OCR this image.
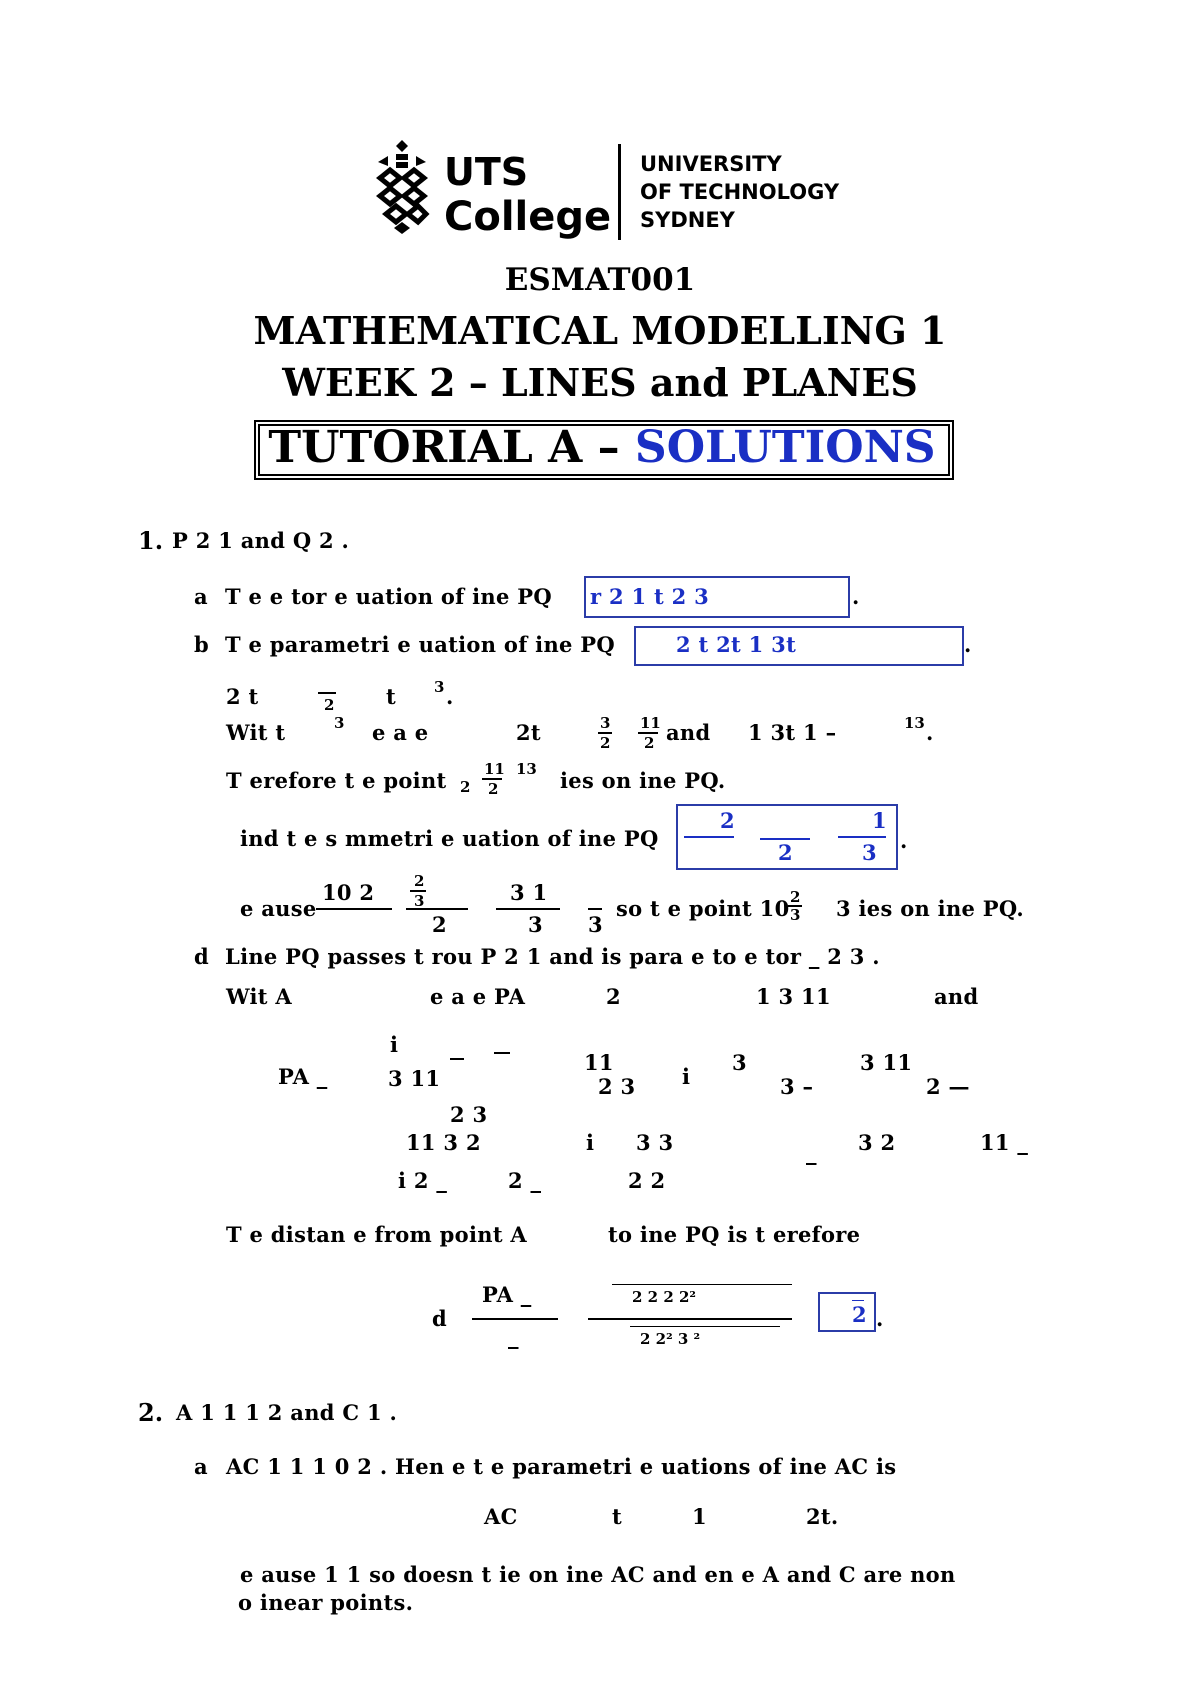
UTS
College
UNIVERSITY
OF TECHNOLOGY
SYDNEY
ESMAT001
MATHEMATICAL MODELLING 1
WEEK 2 – LINES and PLANES
TUTORIAL A – SOLUTIONS
1. P 2 1 and Q 2 .
a T e e tor e uation of ine PQ r 2 1 t 2 3	.
b T e parametri e uation of ine PQ	2 t 2t 1 3t	.
2 t	2 t	3 .
Wit t	3 e a e	2t	3
2
11
2 and 1 3t 1 –	13 .
T erefore t e point 2
11
2
13 ies on ine PQ.
ind t e s mmetri e uation of ine PQ
2	1
2	3 .
e ause
10 2
2
2
3	3 1
3 3
so t e point 10 2
3 3 ies on ine PQ.
d Line PQ passes t rou P 2 1 and is para e to e tor _ 2 3 .
Wit A	e a e PA	2	1 3 11	and
i
11	3	3 11
PA _	3 11	2 3 i	3 –	2 —
2 3
11 3 2	i 3 3	_ 3 2	11 _
i 2 _	2 _	2 2
T e distan e from point A	to ine PQ is t erefore
d
PA _
_
2 2 2 2²
2 2² 3 ²
2 .
2. A 1 1 1 2 and C 1 .
a AC 1 1 1 0 2 . Hen e t e parametri e uations of ine AC is
AC	t	1	2t.
e ause 1 1 so doesn t ie on ine AC and en e A and C are non
o inear points.
